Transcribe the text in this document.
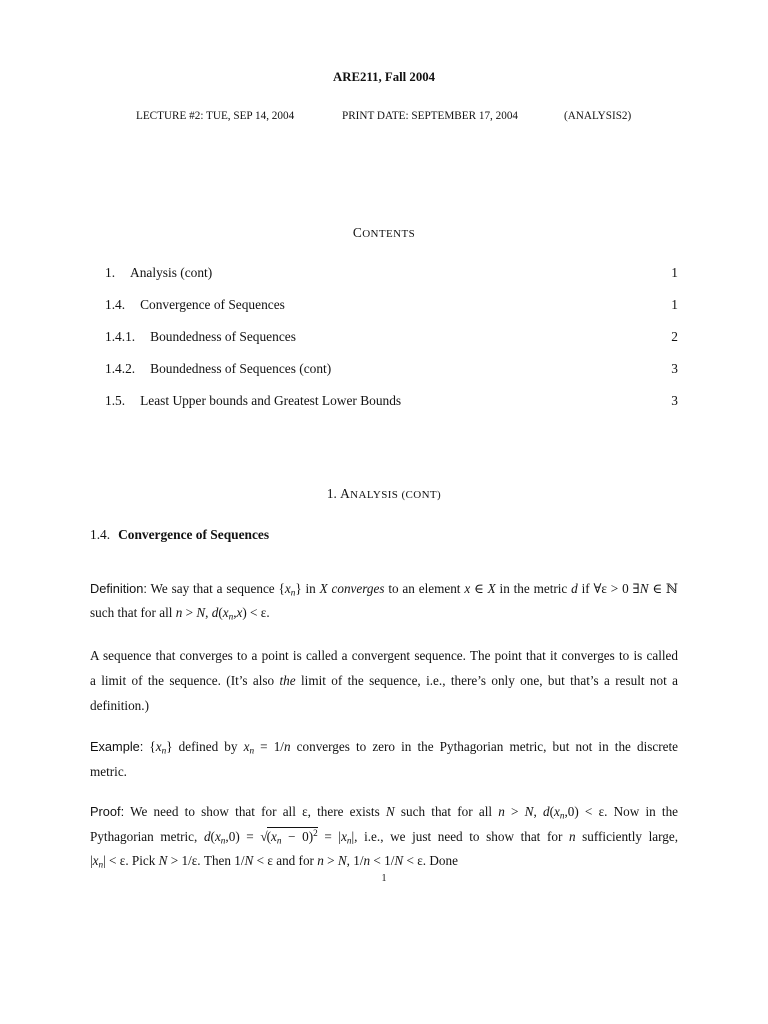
ARE211, Fall 2004
LECTURE #2: TUE, SEP 14, 2004	PRINT DATE: SEPTEMBER 17, 2004	(ANALYSIS2)
CONTENTS
1. Analysis (cont)	1
1.4. Convergence of Sequences	1
1.4.1. Boundedness of Sequences	2
1.4.2. Boundedness of Sequences (cont)	3
1.5. Least Upper bounds and Greatest Lower Bounds	3
1. ANALYSIS (CONT)
1.4. Convergence of Sequences
Definition: We say that a sequence $\{x_n\}$ in X converges to an element x ∈ X in the metric d if ∀ε > 0 ∃N ∈ ℕ
such that for all n > N, $d(x_n,x) < \varepsilon$.
A sequence that converges to a point is called a convergent sequence. The point that it converges to is called
a limit of the sequence. (It’s also the limit of the sequence, i.e., there’s only one, but that’s a result not a
definition.)
Example: $\{x_n\}$ defined by $x_n = 1/n$ converges to zero in the Pythagorian metric, but not in the discrete
metric.
Proof: We need to show that for all ε, there exists N such that for all n > N, $d(x_n,0) < \varepsilon$. Now in the
Pythagorian metric, $d(x_n,0) = √(x_n - 0)^2 = |x_n|$, i.e., we just need to show that for n sufficiently large,
$|x_n| < \varepsilon$. Pick N > 1/ε. Then 1/N < ε and for n > N, 1/n < 1/N < ε. Done
1
